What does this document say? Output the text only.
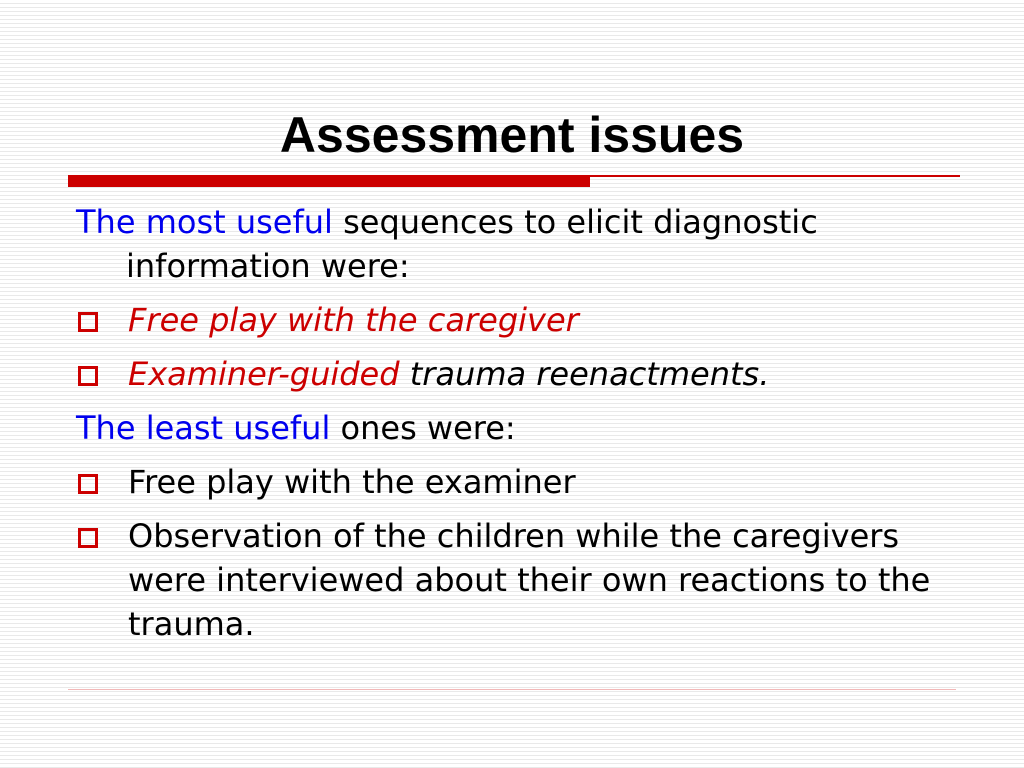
Assessment issues

The most useful sequences to elicit diagnostic information were:

Free play with the caregiver
Examiner-guided trauma reenactments.

The least useful ones were:

Free play with the examiner
Observation of the children while the caregivers were interviewed about their own reactions to the trauma.
